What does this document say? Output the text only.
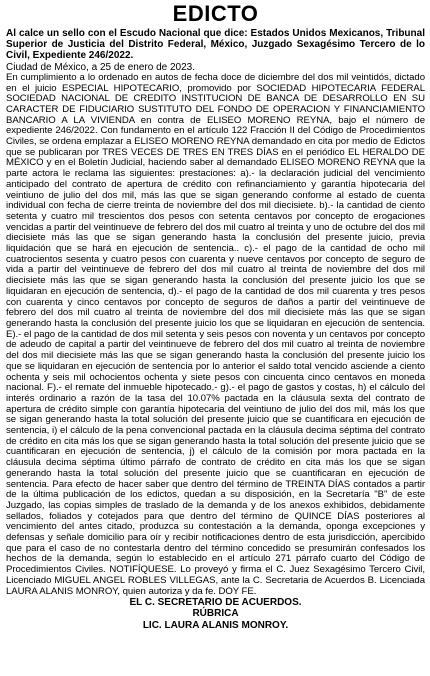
EDICTO

Al calce un sello con el Escudo Nacional que dice: Estados Unidos Mexicanos, Tribunal Superior de Justicia del Distrito Federal, México, Juzgado Sexagésimo Tercero de lo Civil, Expediente 246/2022.

Ciudad de México, a 25 de enero de 2023.

En cumplimiento a lo ordenado en autos de fecha doce de diciembre del dos mil veintidós, dictado en el juicio ESPECIAL HIPOTECARIO, promovido por SOCIEDAD HIPOTECARIA FEDERAL SOCIEDAD NACIONAL DE CREDITO INSTITUCION DE BANCA DE DESARROLLO EN SU CARACTER DE FIDUCIARIO SUSTITUTO DEL FONDO DE OPERACION Y FINANCIAMIENTO BANCARIO A LA VIVIENDA en contra de ELISEO MORENO REYNA, bajo el número de expediente 246/2022. Con fundamento en el artículo 122 Fracción II del Código de Procedimientos Civiles, se ordena emplazar a ELISEO MORENO REYNA demandado en cita por medio de Edictos que se publicaran por TRES VECES DE TRES EN TRES DÍAS en el periódico EL HERALDO DE MÉXICO y en el Boletín Judicial, haciendo saber al demandado ELISEO MORENO REYNA que la parte actora le reclama las siguientes: prestaciones: a).- la declaración judicial del vencimiento anticipado del contrato de apertura de crédito con refinanciamiento y garantía hipotecaria del veintiuno de julio del dos mil, más las que se sigan generando conforme al estado de cuenta individual con fecha de cierre treinta de noviembre del dos mil diecisiete. b).- la cantidad de ciento setenta y cuatro mil trescientos dos pesos con setenta centavos por concepto de erogaciones vencidas a partir del veintinueve de febrero del dos mil cuatro al treinta y uno de octubre del dos mil diecisiete más las que se sigan generando hasta la conclusión del presente juicio, previa liquidación que se hará en ejecución de sentencia.. c).- el pago de la cantidad de ocho mil cuatrocientos sesenta y cuatro pesos con cuarenta y nueve centavos por concepto de seguro de vida a partir del veintinueve de febrero del dos mil cuatro al treinta de noviembre del dos mil diecisiete más las que se sigan generando hasta la conclusión del presente juicio los que se liquidaran en ejecución de sentencia, d).- el pago de la cantidad de dos mil cuarenta y tres pesos con cuarenta y cinco centavos por concepto de seguros de daños a partir del veintinueve de febrero del dos mil cuatro al treinta de noviembre del dos mil diecisiete más las que se sigan generando hasta la conclusión del presente juicio los que se liquidaran en ejecución de sentencia. E).- el pago de la cantidad de dos mil setenta y seis pesos con noventa y un centavos por concepto de adeudo de capital a partir del veintinueve de febrero del dos mil cuatro al treinta de noviembre del dos mil diecisiete más las que se sigan generando hasta la conclusión del presente juicio los que se liquidaran en ejecución de sentencia por lo anterior el saldo total vencido asciende a ciento ochenta y seis mil ochocientos ochenta y siete pesos con cincuenta cinco centavos en moneda nacional. F).- el remate del inmueble hipotecado.- g).- el pago de gastos y costas, h) el cálculo del interés ordinario a razón de la tasa del 10.07% pactada en la cláusula sexta del contrato de apertura de crédito simple con garantía hipotecaria del veintiuno de julio del dos mil, más los que se sigan generando hasta la total solución del presente juicio que se cuantificara en ejecución de sentencia, i) el cálculo de la pena convencional pactada en la cláusula decima séptima del contrato de crédito en cita más los que se sigan generando hasta la total solución del presente juicio que se cuantificaran en ejecución de sentencia, j) el cálculo de la comisión por mora pactada en la cláusula decima séptima último párrafo de contrato de crédito en cita más los que se sigan generando hasta la total solución del presente juicio que se cuantificaran en ejecución de sentencia. Para efecto de hacer saber que dentro del término de TREINTA DÍAS contados a partir de la última publicación de los edictos, quedan a su disposición, en la Secretaría "B" de este Juzgado, las copias simples de traslado de la demanda y de los anexos exhibidos, debidamente sellados, foliados y cotejados para que dentro del término de QUINCE DÍAS posteriores al vencimiento del antes citado, produzca su contestación a la demanda, oponga excepciones y defensas y señale domicilio para oír y recibir notificaciones dentro de esta jurisdicción, apercibido que para el caso de no contestarla dentro del término concedido se presumirán confesados los hechos de la demanda, según lo establecido en el artículo 271 párrafo cuarto del Código de Procedimientos Civiles. NOTIFÍQUESE. Lo proveyó y firma el C. Juez Sexagésimo Tercero Civil, Licenciado MIGUEL ANGEL ROBLES VILLEGAS, ante la C. Secretaria de Acuerdos B. Licenciada LAURA ALANIS MONROY, quien autoriza y da fe. DOY FE.

EL C. SECRETARIO DE ACUERDOS.

RÚBRICA

LIC. LAURA ALANIS MONROY.
